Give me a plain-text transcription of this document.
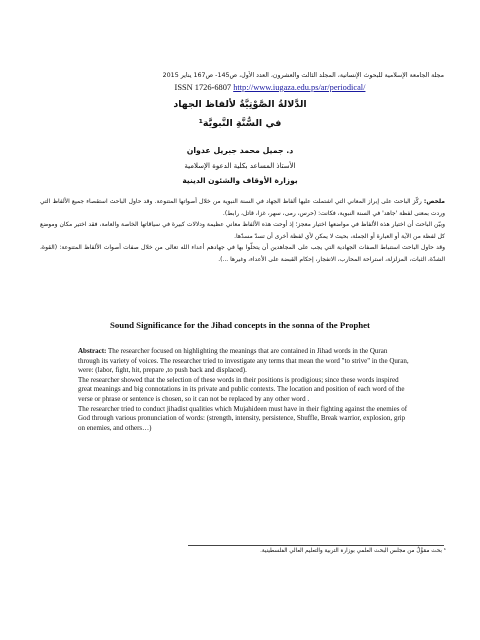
مجلة الجامعة الإسلامية للبحوث الإنسانية، المجلد الثالث والعشرون، العدد الأول، ص145- ص167 يناير 2015
ISSN 1726-6807 http://www.iugaza.edu.ps/ar/periodical/
الدَّلالةُ الصَّوْتِيَّةُ لألفاظ الجهاد
في السُّنَّةِ النَّبويَّة¹
د. جميل محمد جبريل عدوان
الأستاذ المساعد بكلية الدعوة الإسلامية
بوزارة الأوقاف والشئون الدينية

ملخص: ركّز الباحث على إبراز المعاني التي اشتملت عليها ألفاظ الجهاد في السنة النبوية من خلال أصواتها المتنوعة. وقد حاول الباحث استقصاء جميع الألفاظ التي وردت بمعنى لفظة 'جاهد' في السنة النبوية، فكانت: (حرس، رمى، سهر، غزا، قاتل، رابط).

وبيّن الباحث أن اختيار هذه الألفاظ في مواضعها اختيار معجز؛ إذ أوحت هذه الألفاظ معاني عظيمة ودلالات كبيرة في سياقاتها الخاصة والعامة، فقد اختير مكان وموضع كل لفظة من الآية أو العبارة أو الجملة، بحيث لا يمكن لأي لفظة أخرى أن تسدّ مسدّها.

وقد حاول الباحث استنباط الصفات الجهادية التي يجب على المجاهدين أن يتحلّوا بها في جهادهم أعداء الله تعالى من خلال صفات أصوات الألفاظ المتنوعة: (القوة، الشدّة، الثبات، المزلزلة، استراحة المحارب، الانفجار، إحكام القبضة على الأعداء، وغيرها ...).

Sound Significance for the Jihad concepts in the sonna of the Prophet

Abstract: The researcher focused on highlighting the meanings that are contained in Jihad words in the Quran through its variety of voices. The researcher tried to investigate any terms that mean the word "to strive" in the Quran, were: (labor, fight, hit, prepare ,to push back and displaced).

The researcher showed that the selection of these words in their positions is prodigious; since these words inspired great meanings and big connotations in its private and public contexts. The location and position of each word of the verse or phrase or sentence is chosen, so it can not be replaced by any other word .

The researcher tried to conduct jihadist qualities which Mujahideen must have in their fighting against the enemies of God through various pronunciation of words: (strength, intensity, persistence, Shuffle, Break warrior, explosion, grip on enemies, and others…)

¹ بحث ممَوَّلٌ من مجلس البحث العلمي بوزارة التربية والتعليم العالي الفلسطينية.
